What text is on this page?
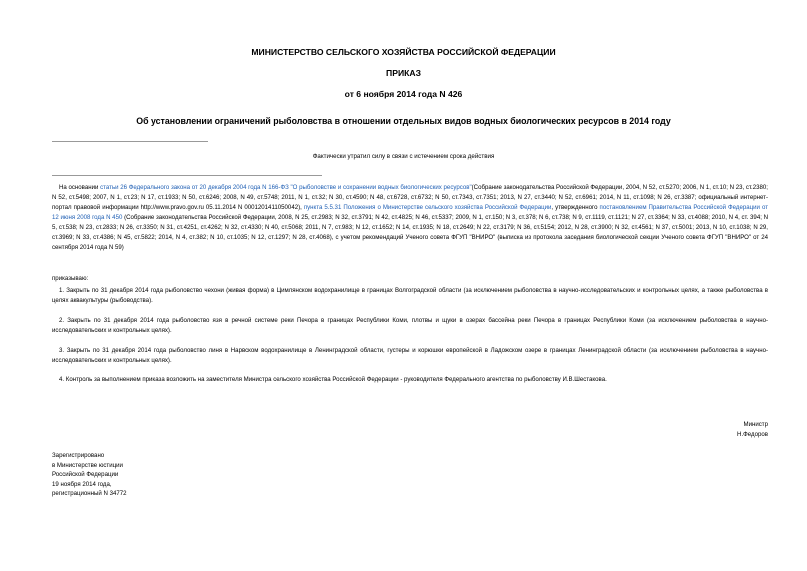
МИНИСТЕРСТВО СЕЛЬСКОГО ХОЗЯЙСТВА РОССИЙСКОЙ ФЕДЕРАЦИИ
ПРИКАЗ
от 6 ноября 2014 года N 426
Об установлении ограничений рыболовства в отношении отдельных видов водных биологических ресурсов в 2014 году
Фактически утратил силу в связи с истечением срока действия
На основании статьи 26 Федерального закона от 20 декабря 2004 года N 166-ФЗ "О рыболовстве и сохранении водных биологических ресурсов"(Собрание законодательства Российской Федерации, 2004, N 52, ст.5270; 2006, N 1, ст.10; N 23, ст.2380; N 52, ст.5498; 2007, N 1, ст.23; N 17, ст.1933; N 50, ст.6246; 2008, N 49, ст.5748; 2011, N 1, ст.32; N 30, ст.4590; N 48, ст.6728, ст.6732; N 50, ст.7343, ст.7351; 2013, N 27, ст.3440; N 52, ст.6961; 2014, N 11, ст.1098; N 26, ст.3387; официальный интернет-портал правовой информации http://www.pravo.gov.ru 05.11.2014 N 0001201411050042), пункта 5.5.31 Положения о Министерстве сельского хозяйства Российской Федерации, утвержденного постановлением Правительства Российской Федерации от 12 июня 2008 года N 450 (Собрание законодательства Российской Федерации, 2008, N 25, ст.2983; N 32, ст.3791; N 42, ст.4825; N 46, ст.5337; 2009, N 1, ст.150; N 3, ст.378; N 6, ст.738; N 9, ст.1119, ст.1121; N 27, ст.3364; N 33, ст.4088; 2010, N 4, ст. 394; N 5, ст.538; N 23, ст.2833; N 26, ст.3350; N 31, ст.4251, ст.4262; N 32, ст.4330; N 40, ст.5068; 2011, N 7, ст.983; N 12, ст.1652; N 14, ст.1935; N 18, ст.2649; N 22, ст.3179; N 36, ст.5154; 2012, N 28, ст.3900; N 32, ст.4561; N 37, ст.5001; 2013, N 10, ст.1038; N 29, ст.3969; N 33, ст.4386; N 45, ст.5822; 2014, N 4, ст.382; N 10, ст.1035; N 12, ст.1297; N 28, ст.4068), с учетом рекомендаций Ученого совета ФГУП "ВНИРО" (выписка из протокола заседания биологической секции Ученого совета ФГУП "ВНИРО" от 24 сентября 2014 года N 59)
приказываю:
1. Закрыть по 31 декабря 2014 года рыболовство чехони (живая форма) в Цимлянском водохранилище в границах Волгоградской области (за исключением рыболовства в научно-исследовательских и контрольных целях, а также рыболовства в целях аквакультуры (рыбоводства).
2. Закрыть по 31 декабря 2014 года рыболовство язя в речной системе реки Печора в границах Республики Коми, плотвы и щуки в озерах бассейна реки Печора в границах Республики Коми (за исключением рыболовства в научно-исследовательских и контрольных целях).
3. Закрыть по 31 декабря 2014 года рыболовство линя в Нарвском водохранилище в Ленинградской области, густеры и корюшки европейской в Ладожском озере в границах Ленинградской области (за исключением рыболовства в научно-исследовательских и контрольных целях).
4. Контроль за выполнением приказа возложить на заместителя Министра сельского хозяйства Российской Федерации - руководителя Федерального агентства по рыболовству И.В.Шестакова.
Министр
Н.Федоров
Зарегистрировано
в Министерстве юстиции
Российской Федерации
19 ноября 2014 года,
регистрационный N 34772
